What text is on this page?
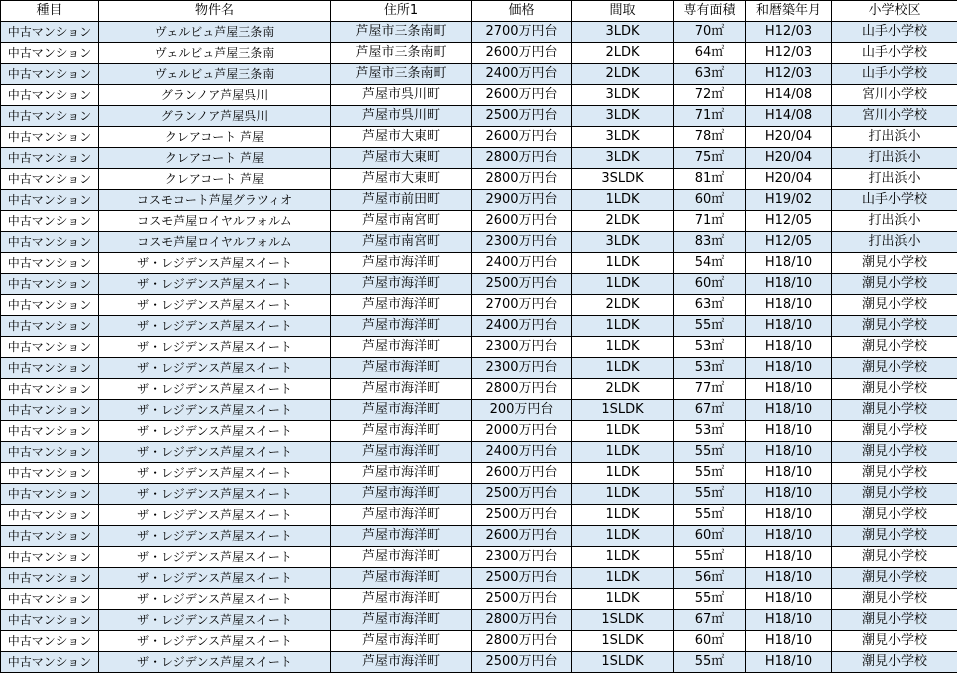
種目	物件名	住所1	価格	間取	専有面積	和暦築年月	小学校区
中古マンション	ヴェルビュ芦屋三条南	芦屋市三条南町	2700万円台	3LDK	70㎡	H12/03	山手小学校
中古マンション	ヴェルビュ芦屋三条南	芦屋市三条南町	2600万円台	2LDK	64㎡	H12/03	山手小学校
中古マンション	ヴェルビュ芦屋三条南	芦屋市三条南町	2400万円台	2LDK	63㎡	H12/03	山手小学校
中古マンション	グランノア芦屋呉川	芦屋市呉川町	2600万円台	3LDK	72㎡	H14/08	宮川小学校
中古マンション	グランノア芦屋呉川	芦屋市呉川町	2500万円台	3LDK	71㎡	H14/08	宮川小学校
中古マンション	クレアコート 芦屋	芦屋市大東町	2600万円台	3LDK	78㎡	H20/04	打出浜小
中古マンション	クレアコート 芦屋	芦屋市大東町	2800万円台	3LDK	75㎡	H20/04	打出浜小
中古マンション	クレアコート 芦屋	芦屋市大東町	2800万円台	3SLDK	81㎡	H20/04	打出浜小
中古マンション	コスモコート芦屋グラツィオ	芦屋市前田町	2900万円台	1LDK	60㎡	H19/02	山手小学校
中古マンション	コスモ芦屋ロイヤルフォルム	芦屋市南宮町	2600万円台	2LDK	71㎡	H12/05	打出浜小
中古マンション	コスモ芦屋ロイヤルフォルム	芦屋市南宮町	2300万円台	3LDK	83㎡	H12/05	打出浜小
中古マンション	ザ・レジデンス芦屋スイート	芦屋市海洋町	2400万円台	1LDK	54㎡	H18/10	潮見小学校
中古マンション	ザ・レジデンス芦屋スイート	芦屋市海洋町	2500万円台	1LDK	60㎡	H18/10	潮見小学校
中古マンション	ザ・レジデンス芦屋スイート	芦屋市海洋町	2700万円台	2LDK	63㎡	H18/10	潮見小学校
中古マンション	ザ・レジデンス芦屋スイート	芦屋市海洋町	2400万円台	1LDK	55㎡	H18/10	潮見小学校
中古マンション	ザ・レジデンス芦屋スイート	芦屋市海洋町	2300万円台	1LDK	53㎡	H18/10	潮見小学校
中古マンション	ザ・レジデンス芦屋スイート	芦屋市海洋町	2300万円台	1LDK	53㎡	H18/10	潮見小学校
中古マンション	ザ・レジデンス芦屋スイート	芦屋市海洋町	2800万円台	2LDK	77㎡	H18/10	潮見小学校
中古マンション	ザ・レジデンス芦屋スイート	芦屋市海洋町	200万円台	1SLDK	67㎡	H18/10	潮見小学校
中古マンション	ザ・レジデンス芦屋スイート	芦屋市海洋町	2000万円台	1LDK	53㎡	H18/10	潮見小学校
中古マンション	ザ・レジデンス芦屋スイート	芦屋市海洋町	2400万円台	1LDK	55㎡	H18/10	潮見小学校
中古マンション	ザ・レジデンス芦屋スイート	芦屋市海洋町	2600万円台	1LDK	55㎡	H18/10	潮見小学校
中古マンション	ザ・レジデンス芦屋スイート	芦屋市海洋町	2500万円台	1LDK	55㎡	H18/10	潮見小学校
中古マンション	ザ・レジデンス芦屋スイート	芦屋市海洋町	2500万円台	1LDK	55㎡	H18/10	潮見小学校
中古マンション	ザ・レジデンス芦屋スイート	芦屋市海洋町	2600万円台	1LDK	60㎡	H18/10	潮見小学校
中古マンション	ザ・レジデンス芦屋スイート	芦屋市海洋町	2300万円台	1LDK	55㎡	H18/10	潮見小学校
中古マンション	ザ・レジデンス芦屋スイート	芦屋市海洋町	2500万円台	1LDK	56㎡	H18/10	潮見小学校
中古マンション	ザ・レジデンス芦屋スイート	芦屋市海洋町	2500万円台	1LDK	55㎡	H18/10	潮見小学校
中古マンション	ザ・レジデンス芦屋スイート	芦屋市海洋町	2800万円台	1SLDK	67㎡	H18/10	潮見小学校
中古マンション	ザ・レジデンス芦屋スイート	芦屋市海洋町	2800万円台	1SLDK	60㎡	H18/10	潮見小学校
中古マンション	ザ・レジデンス芦屋スイート	芦屋市海洋町	2500万円台	1SLDK	55㎡	H18/10	潮見小学校
